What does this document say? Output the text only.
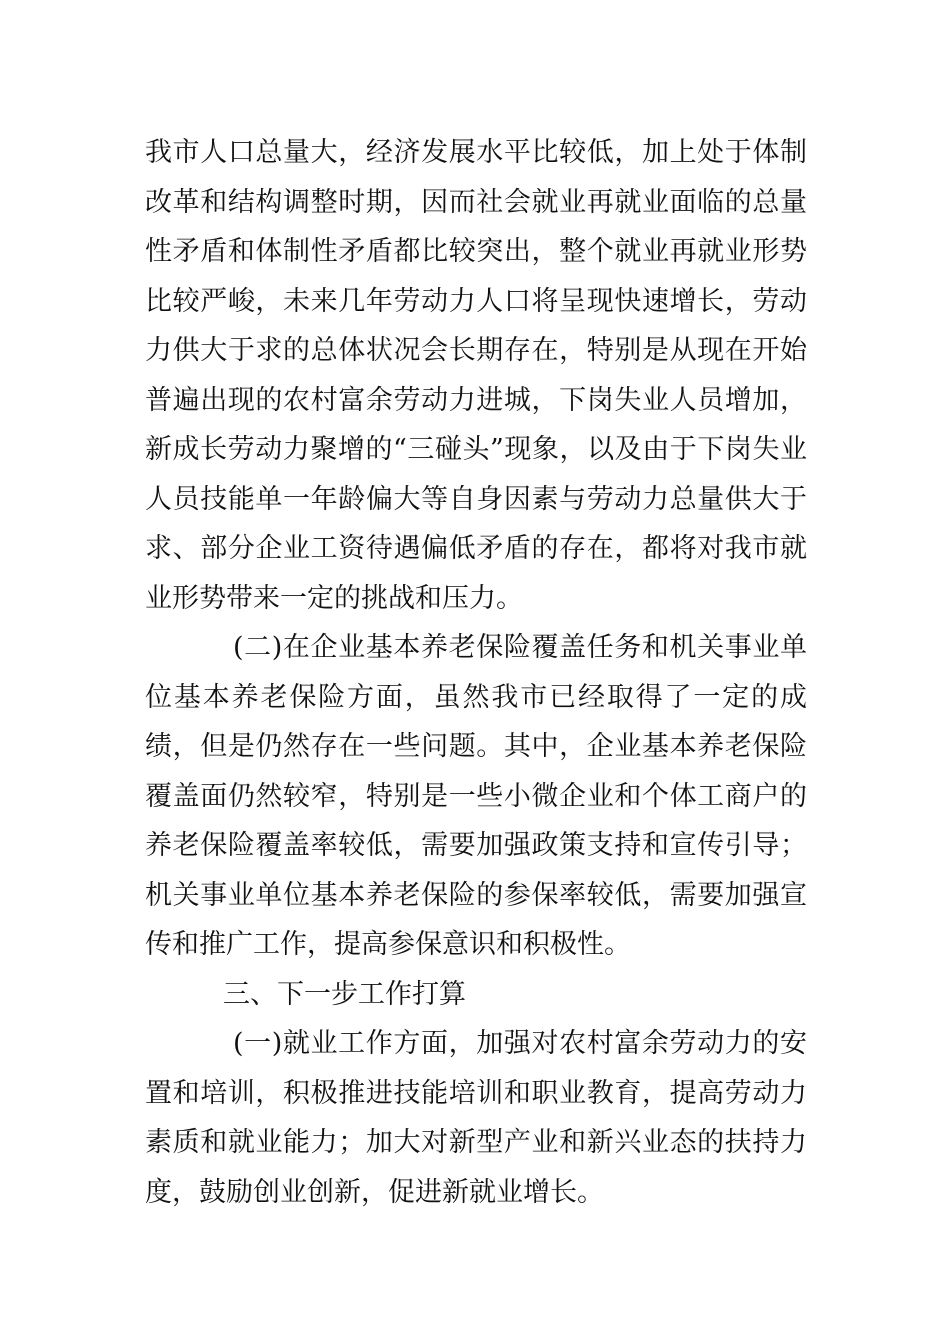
我市人口总量大，经济发展水平比较低，加上处于体制改革和结构调整时期，因而社会就业再就业面临的总量性矛盾和体制性矛盾都比较突出，整个就业再就业形势比较严峻，未来几年劳动力人口将呈现快速增长，劳动力供大于求的总体状况会长期存在，特别是从现在开始普遍出现的农村富余劳动力进城，下岗失业人员增加，新成长劳动力聚增的“三碰头”现象，以及由于下岗失业人员技能单一年龄偏大等自身因素与劳动力总量供大于求、部分企业工资待遇偏低矛盾的存在，都将对我市就业形势带来一定的挑战和压力。

(二)在企业基本养老保险覆盖任务和机关事业单位基本养老保险方面，虽然我市已经取得了一定的成绩，但是仍然存在一些问题。其中，企业基本养老保险覆盖面仍然较窄，特别是一些小微企业和个体工商户的养老保险覆盖率较低，需要加强政策支持和宣传引导；机关事业单位基本养老保险的参保率较低，需要加强宣传和推广工作，提高参保意识和积极性。

三、下一步工作打算

(一)就业工作方面，加强对农村富余劳动力的安置和培训，积极推进技能培训和职业教育，提高劳动力素质和就业能力；加大对新型产业和新兴业态的扶持力度，鼓励创业创新，促进新就业增长。
